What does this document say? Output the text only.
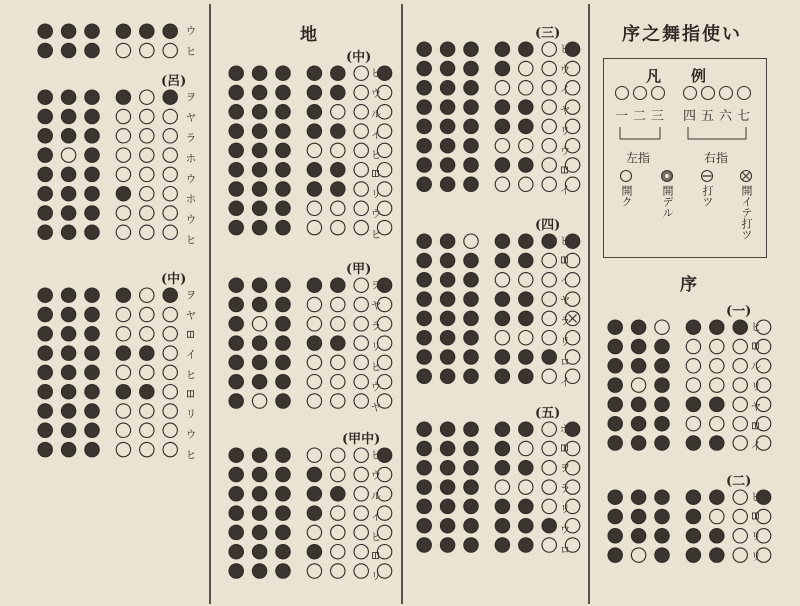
序之舞指使い
凡例
一 二 三 四 五 六 七
左指	右指
開ク	開デル 打ツ 開イテ打ツ
ウヒ
(呂)
ヲヤラホウホウヒ
(中)
ヲヤ⊟イヒ⊟リウヒ
地
(中)
ヒウルイヒ⊟リウヒ
(甲)
ヲヤラリヒウヤ
(甲中)
ヒウルイヒ⊟リ
(三)
ヒウイヤリウ⊟イ
(四)
ヒ⊟イヤラリロイ
(五)
ホ⊟ヲラリウロ
序
(一)
ヒ⊟ルリヤ⊟イ
(二)
ヒ⊟リリ
